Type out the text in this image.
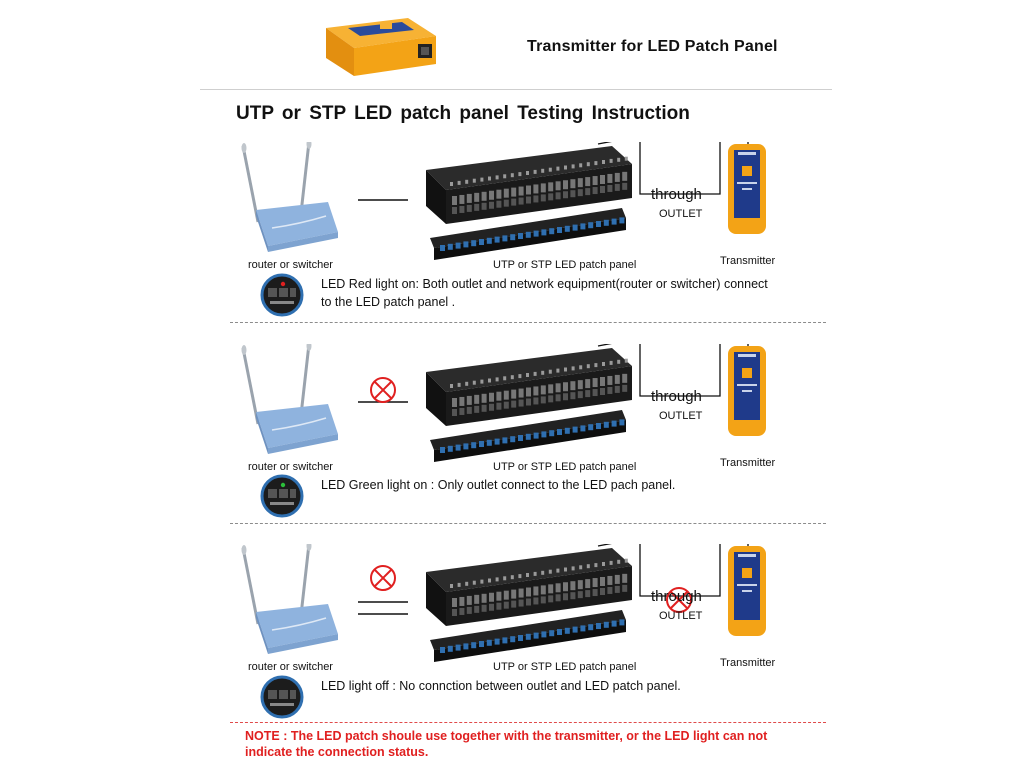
Transmitter for LED Patch Panel
UTP or STP LED patch panel Testing Instruction
router or switcher	UTP or STP LED patch panel	Transmitter
through
OUTLET
router or switcher	UTP or STP LED patch panel	Transmitter
through
OUTLET
router or switcher	UTP or STP LED patch panel	Transmitter
through
OUTLET
NOTE : The LED patch shoule use together with the transmitter, or the LED light can not
indicate the connection status.
LED Red light on: Both outlet and network equipment(router or switcher) connect
to the LED patch panel .
LED Green light on : Only outlet connect to the LED pach panel.
LED light off : No connction between outlet and LED patch panel.
